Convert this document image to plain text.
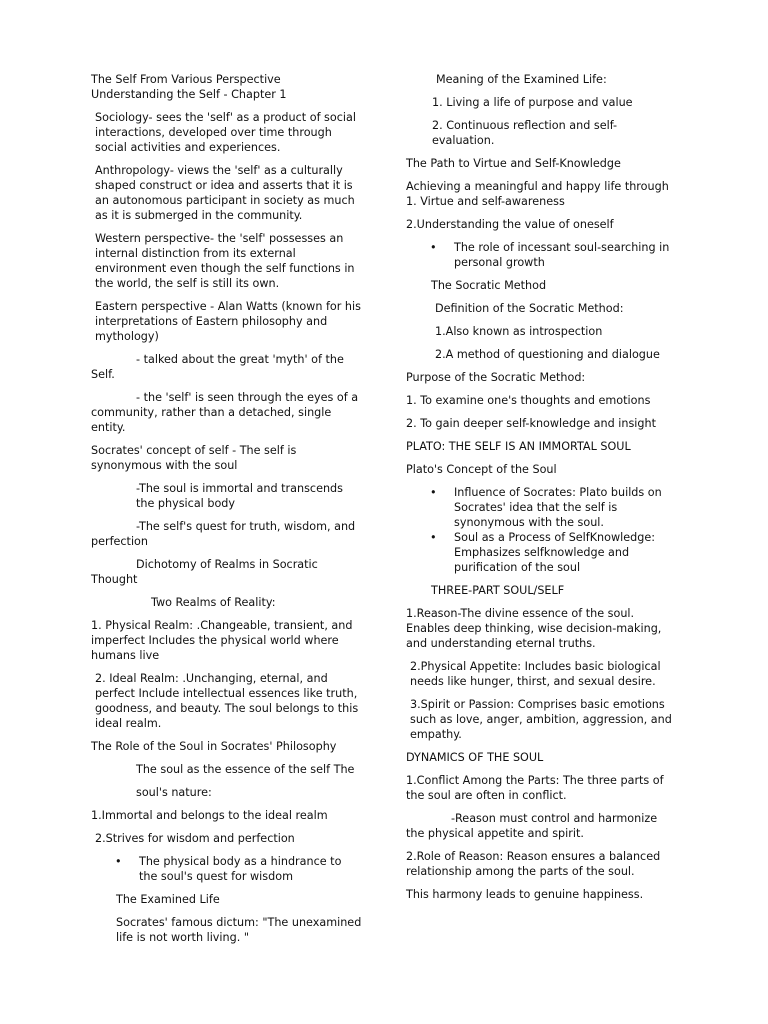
The Self From Various Perspective
Understanding the Self - Chapter 1

Sociology- sees the 'self' as a product of social interactions, developed over time through social activities and experiences.

Anthropology- views the 'self' as a culturally shaped construct or idea and asserts that it is an autonomous participant in society as much as it is submerged in the community.

Western perspective- the 'self' possesses an internal distinction from its external environment even though the self functions in the world, the self is still its own.

Eastern perspective - Alan Watts (known for his interpretations of Eastern philosophy and mythology)

- talked about the great 'myth' of the Self.

- the 'self' is seen through the eyes of a community, rather than a detached, single entity.

Socrates' concept of self - The self is synonymous with the soul

-The soul is immortal and transcends the physical body

-The self's quest for truth, wisdom, and perfection

Dichotomy of Realms in Socratic Thought

Two Realms of Reality:

1. Physical Realm: .Changeable, transient, and imperfect Includes the physical world where humans live

2. Ideal Realm: .Unchanging, eternal, and perfect Include intellectual essences like truth, goodness, and beauty. The soul belongs to this ideal realm.

The Role of the Soul in Socrates' Philosophy

The soul as the essence of the self The

soul's nature:

1.Immortal and belongs to the ideal realm

2.Strives for wisdom and perfection

• The physical body as a hindrance to the soul's quest for wisdom

The Examined Life

Socrates' famous dictum: "The unexamined life is not worth living. "

Meaning of the Examined Life:

1. Living a life of purpose and value

2. Continuous reflection and self-evaluation.

The Path to Virtue and Self-Knowledge

Achieving a meaningful and happy life through
1. Virtue and self-awareness

2.Understanding the value of oneself

• The role of incessant soul-searching in personal growth

The Socratic Method

Definition of the Socratic Method:

1.Also known as introspection

2.A method of questioning and dialogue

Purpose of the Socratic Method:

1. To examine one's thoughts and emotions

2. To gain deeper self-knowledge and insight

PLATO: THE SELF IS AN IMMORTAL SOUL

Plato's Concept of the Soul

• Influence of Socrates: Plato builds on Socrates' idea that the self is synonymous with the soul.

• Soul as a Process of SelfKnowledge: Emphasizes selfknowledge and purification of the soul

THREE-PART SOUL/SELF

1.Reason-The divine essence of the soul. Enables deep thinking, wise decision-making, and understanding eternal truths.

2.Physical Appetite: Includes basic biological needs like hunger, thirst, and sexual desire.

3.Spirit or Passion: Comprises basic emotions such as love, anger, ambition, aggression, and empathy.

DYNAMICS OF THE SOUL

1.Conflict Among the Parts: The three parts of the soul are often in conflict.

-Reason must control and harmonize the physical appetite and spirit.

2.Role of Reason: Reason ensures a balanced relationship among the parts of the soul.

This harmony leads to genuine happiness.
